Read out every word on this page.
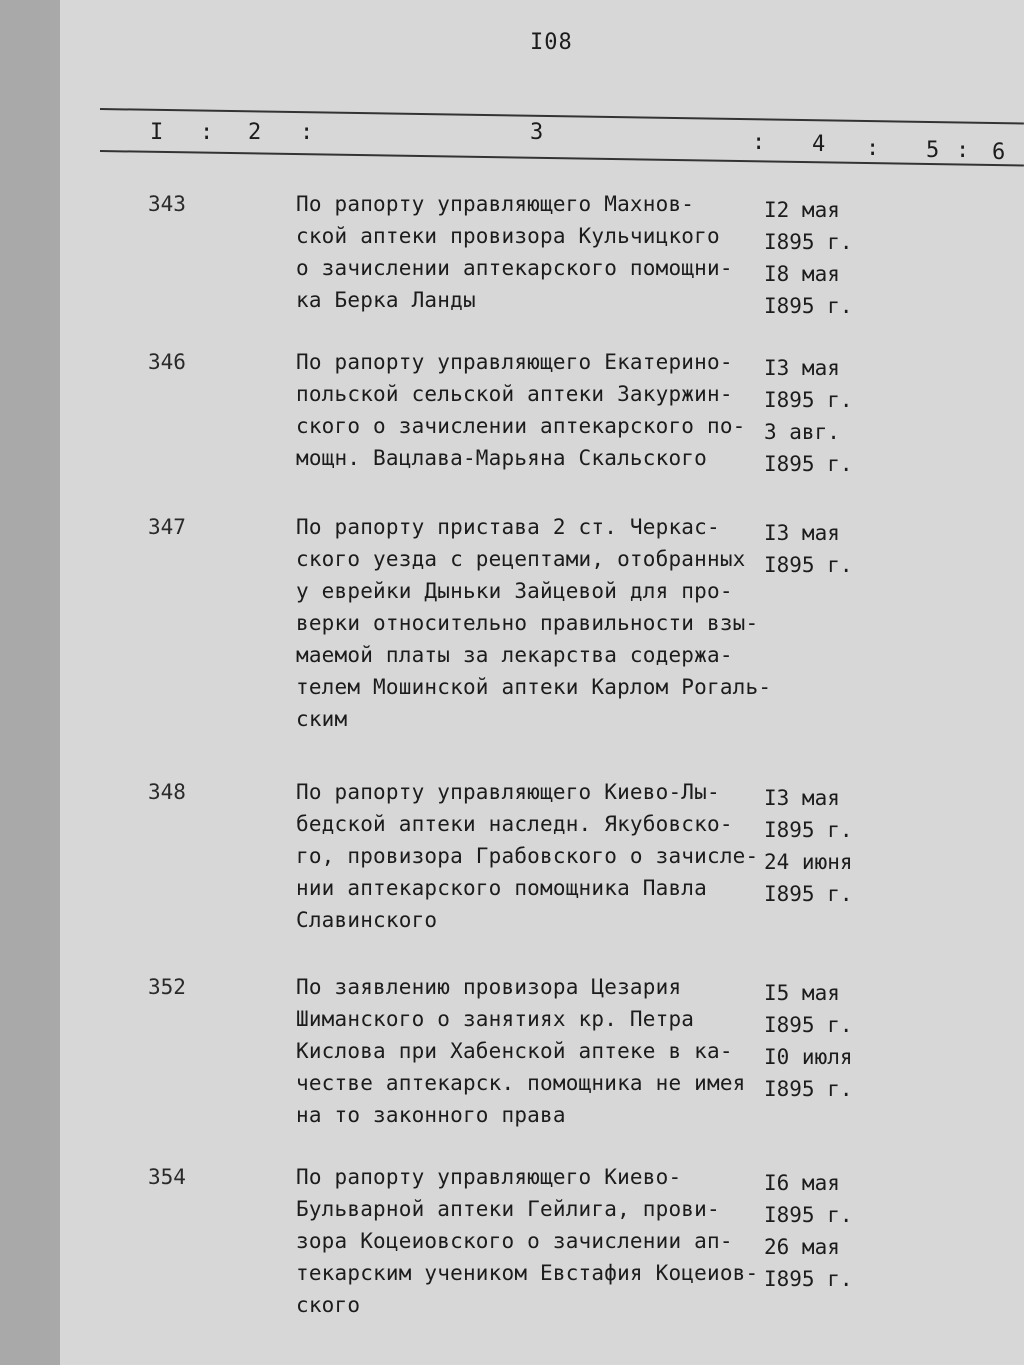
I08
I : 2 :	3	: 4 : 5 : 6
343	По рапорту управляющего Махнов-
ской аптеки провизора Кульчицкого
о зачислении аптекарского помощни-
ка Берка Ланды
I2 мая
I895 г.
I8 мая
I895 г.
346	По рапорту управляющего Екатерино-
польской сельской аптеки Закуржин-
ского о зачислении аптекарского по-
мощн. Вацлава-Марьяна Скальского
I3 мая
I895 г.
3 авг.
I895 г.
347	По рапорту пристава 2 ст. Черкас-
ского уезда с рецептами, отобранных
у еврейки Дыньки Зайцевой для про-
верки относительно правильности взы-
маемой платы за лекарства содержа-
телем Мошинской аптеки Карлом Рогаль-
ским
I3 мая
I895 г.
348	По рапорту управляющего Киево-Лы-
бедской аптеки наследн. Якубовско-
го, провизора Грабовского о зачисле-
нии аптекарского помощника Павла
Славинского
I3 мая
I895 г.
24 июня
I895 г.
352	По заявлению провизора Цезария
Шиманского о занятиях кр. Петра
Кислова при Хабенской аптеке в ка-
честве аптекарск. помощника не имея
на то законного права
I5 мая
I895 г.
I0 июля
I895 г.
354	По рапорту управляющего Киево-
Бульварной аптеки Гейлига, прови-
зора Коцеиовского о зачислении ап-
текарским учеником Евстафия Коцеиов-
ского
I6 мая
I895 г.
26 мая
I895 г.
